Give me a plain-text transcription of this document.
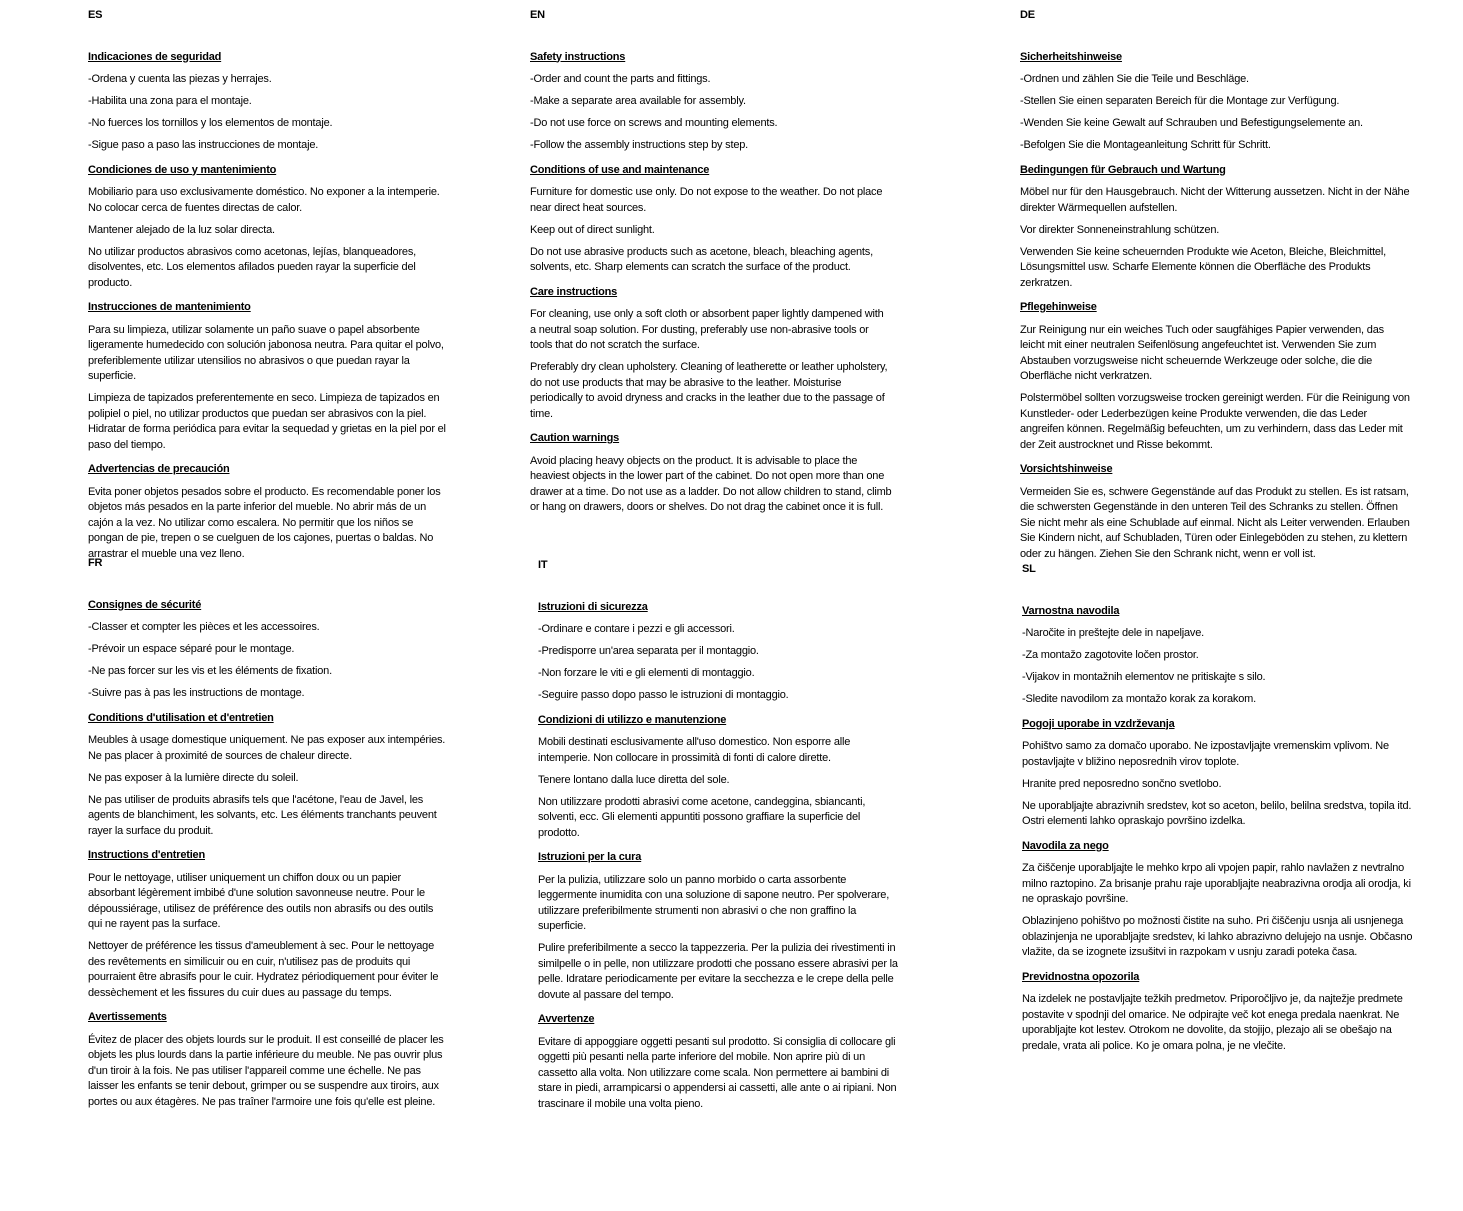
ES
Indicaciones de seguridad

-Ordena y cuenta las piezas y herrajes.

-Habilita una zona para el montaje.

-No fuerces los tornillos y los elementos de montaje.

-Sigue paso a paso las instrucciones de montaje.

Condiciones de uso y mantenimiento

Mobiliario para uso exclusivamente doméstico. No exponer a la intemperie. No colocar cerca de fuentes directas de calor.

Mantener alejado de la luz solar directa.

No utilizar productos abrasivos como acetonas, lejías, blanqueadores, disolventes, etc. Los elementos afilados pueden rayar la superficie del producto.

Instrucciones de mantenimiento

Para su limpieza, utilizar solamente un paño suave o papel absorbente ligeramente humedecido con solución jabonosa neutra. Para quitar el polvo, preferiblemente utilizar utensilios no abrasivos o que puedan rayar la superficie.

Limpieza de tapizados preferentemente en seco. Limpieza de tapizados en polipiel o piel, no utilizar productos que puedan ser abrasivos con la piel. Hidratar de forma periódica para evitar la sequedad y grietas en la piel por el paso del tiempo.

Advertencias de precaución

Evita poner objetos pesados sobre el producto. Es recomendable poner los objetos más pesados en la parte inferior del mueble. No abrir más de un cajón a la vez. No utilizar como escalera. No permitir que los niños se pongan de pie, trepen o se cuelguen de los cajones, puertas o baldas. No arrastrar el mueble una vez lleno.

EN
Safety instructions

-Order and count the parts and fittings.

-Make a separate area available for assembly.

-Do not use force on screws and mounting elements.

-Follow the assembly instructions step by step.

Conditions of use and maintenance

Furniture for domestic use only. Do not expose to the weather. Do not place near direct heat sources.

Keep out of direct sunlight.

Do not use abrasive products such as acetone, bleach, bleaching agents, solvents, etc. Sharp elements can scratch the surface of the product.

Care instructions

For cleaning, use only a soft cloth or absorbent paper lightly dampened with a neutral soap solution. For dusting, preferably use non-abrasive tools or tools that do not scratch the surface.

Preferably dry clean upholstery. Cleaning of leatherette or leather upholstery, do not use products that may be abrasive to the leather. Moisturise periodically to avoid dryness and cracks in the leather due to the passage of time.

Caution warnings

Avoid placing heavy objects on the product. It is advisable to place the heaviest objects in the lower part of the cabinet. Do not open more than one drawer at a time. Do not use as a ladder. Do not allow children to stand, climb or hang on drawers, doors or shelves. Do not drag the cabinet once it is full.

DE
Sicherheitshinweise

-Ordnen und zählen Sie die Teile und Beschläge.

-Stellen Sie einen separaten Bereich für die Montage zur Verfügung.

-Wenden Sie keine Gewalt auf Schrauben und Befestigungselemente an.

-Befolgen Sie die Montageanleitung Schritt für Schritt.

Bedingungen für Gebrauch und Wartung

Möbel nur für den Hausgebrauch. Nicht der Witterung aussetzen. Nicht in der Nähe direkter Wärmequellen aufstellen.

Vor direkter Sonneneinstrahlung schützen.

Verwenden Sie keine scheuernden Produkte wie Aceton, Bleiche, Bleichmittel, Lösungsmittel usw. Scharfe Elemente können die Oberfläche des Produkts zerkratzen.

Pflegehinweise

Zur Reinigung nur ein weiches Tuch oder saugfähiges Papier verwenden, das leicht mit einer neutralen Seifenlösung angefeuchtet ist. Verwenden Sie zum Abstauben vorzugsweise nicht scheuernde Werkzeuge oder solche, die die Oberfläche nicht verkratzen.

Polstermöbel sollten vorzugsweise trocken gereinigt werden. Für die Reinigung von Kunstleder- oder Lederbezügen keine Produkte verwenden, die das Leder angreifen können. Regelmäßig befeuchten, um zu verhindern, dass das Leder mit der Zeit austrocknet und Risse bekommt.

Vorsichtshinweise

Vermeiden Sie es, schwere Gegenstände auf das Produkt zu stellen. Es ist ratsam, die schwersten Gegenstände in den unteren Teil des Schranks zu stellen. Öffnen Sie nicht mehr als eine Schublade auf einmal. Nicht als Leiter verwenden. Erlauben Sie Kindern nicht, auf Schubladen, Türen oder Einlegeböden zu stehen, zu klettern oder zu hängen. Ziehen Sie den Schrank nicht, wenn er voll ist.

FR
Consignes de sécurité

-Classer et compter les pièces et les accessoires.

-Prévoir un espace séparé pour le montage.

-Ne pas forcer sur les vis et les éléments de fixation.

-Suivre pas à pas les instructions de montage.

Conditions d'utilisation et d'entretien

Meubles à usage domestique uniquement. Ne pas exposer aux intempéries. Ne pas placer à proximité de sources de chaleur directe.

Ne pas exposer à la lumière directe du soleil.

Ne pas utiliser de produits abrasifs tels que l'acétone, l'eau de Javel, les agents de blanchiment, les solvants, etc. Les éléments tranchants peuvent rayer la surface du produit.

Instructions d'entretien

Pour le nettoyage, utiliser uniquement un chiffon doux ou un papier absorbant légèrement imbibé d'une solution savonneuse neutre. Pour le dépoussiérage, utilisez de préférence des outils non abrasifs ou des outils qui ne rayent pas la surface.

Nettoyer de préférence les tissus d'ameublement à sec. Pour le nettoyage des revêtements en similicuir ou en cuir, n'utilisez pas de produits qui pourraient être abrasifs pour le cuir. Hydratez périodiquement pour éviter le dessèchement et les fissures du cuir dues au passage du temps.

Avertissements

Évitez de placer des objets lourds sur le produit. Il est conseillé de placer les objets les plus lourds dans la partie inférieure du meuble. Ne pas ouvrir plus d'un tiroir à la fois. Ne pas utiliser l'appareil comme une échelle. Ne pas laisser les enfants se tenir debout, grimper ou se suspendre aux tiroirs, aux portes ou aux étagères. Ne pas traîner l'armoire une fois qu'elle est pleine.

IT
Istruzioni di sicurezza

-Ordinare e contare i pezzi e gli accessori.

-Predisporre un'area separata per il montaggio.

-Non forzare le viti e gli elementi di montaggio.

-Seguire passo dopo passo le istruzioni di montaggio.

Condizioni di utilizzo e manutenzione

Mobili destinati esclusivamente all'uso domestico. Non esporre alle intemperie. Non collocare in prossimità di fonti di calore dirette.

Tenere lontano dalla luce diretta del sole.

Non utilizzare prodotti abrasivi come acetone, candeggina, sbiancanti, solventi, ecc. Gli elementi appuntiti possono graffiare la superficie del prodotto.

Istruzioni per la cura

Per la pulizia, utilizzare solo un panno morbido o carta assorbente leggermente inumidita con una soluzione di sapone neutro. Per spolverare, utilizzare preferibilmente strumenti non abrasivi o che non graffino la superficie.

Pulire preferibilmente a secco la tappezzeria. Per la pulizia dei rivestimenti in similpelle o in pelle, non utilizzare prodotti che possano essere abrasivi per la pelle. Idratare periodicamente per evitare la secchezza e le crepe della pelle dovute al passare del tempo.

Avvertenze

Evitare di appoggiare oggetti pesanti sul prodotto. Si consiglia di collocare gli oggetti più pesanti nella parte inferiore del mobile. Non aprire più di un cassetto alla volta. Non utilizzare come scala. Non permettere ai bambini di stare in piedi, arrampicarsi o appendersi ai cassetti, alle ante o ai ripiani. Non trascinare il mobile una volta pieno.

SL
Varnostna navodila

-Naročite in preštejte dele in napeljave.

-Za montažo zagotovite ločen prostor.

-Vijakov in montažnih elementov ne pritiskajte s silo.

-Sledite navodilom za montažo korak za korakom.

Pogoji uporabe in vzdrževanja

Pohištvo samo za domačo uporabo. Ne izpostavljajte vremenskim vplivom. Ne postavljajte v bližino neposrednih virov toplote.

Hranite pred neposredno sončno svetlobo.

Ne uporabljajte abrazivnih sredstev, kot so aceton, belilo, belilna sredstva, topila itd. Ostri elementi lahko opraskajo površino izdelka.

Navodila za nego

Za čiščenje uporabljajte le mehko krpo ali vpojen papir, rahlo navlažen z nevtralno milno raztopino. Za brisanje prahu raje uporabljajte neabrazivna orodja ali orodja, ki ne opraskajo površine.

Oblazinjeno pohištvo po možnosti čistite na suho. Pri čiščenju usnja ali usnjenega oblazinjenja ne uporabljajte sredstev, ki lahko abrazivno delujejo na usnje. Občasno vlažite, da se izognete izsušitvi in razpokam v usnju zaradi poteka časa.

Previdnostna opozorila

Na izdelek ne postavljajte težkih predmetov. Priporočljivo je, da najtežje predmete postavite v spodnji del omarice. Ne odpirajte več kot enega predala naenkrat. Ne uporabljajte kot lestev. Otrokom ne dovolite, da stojijo, plezajo ali se obešajo na predale, vrata ali police. Ko je omara polna, je ne vlečite.
